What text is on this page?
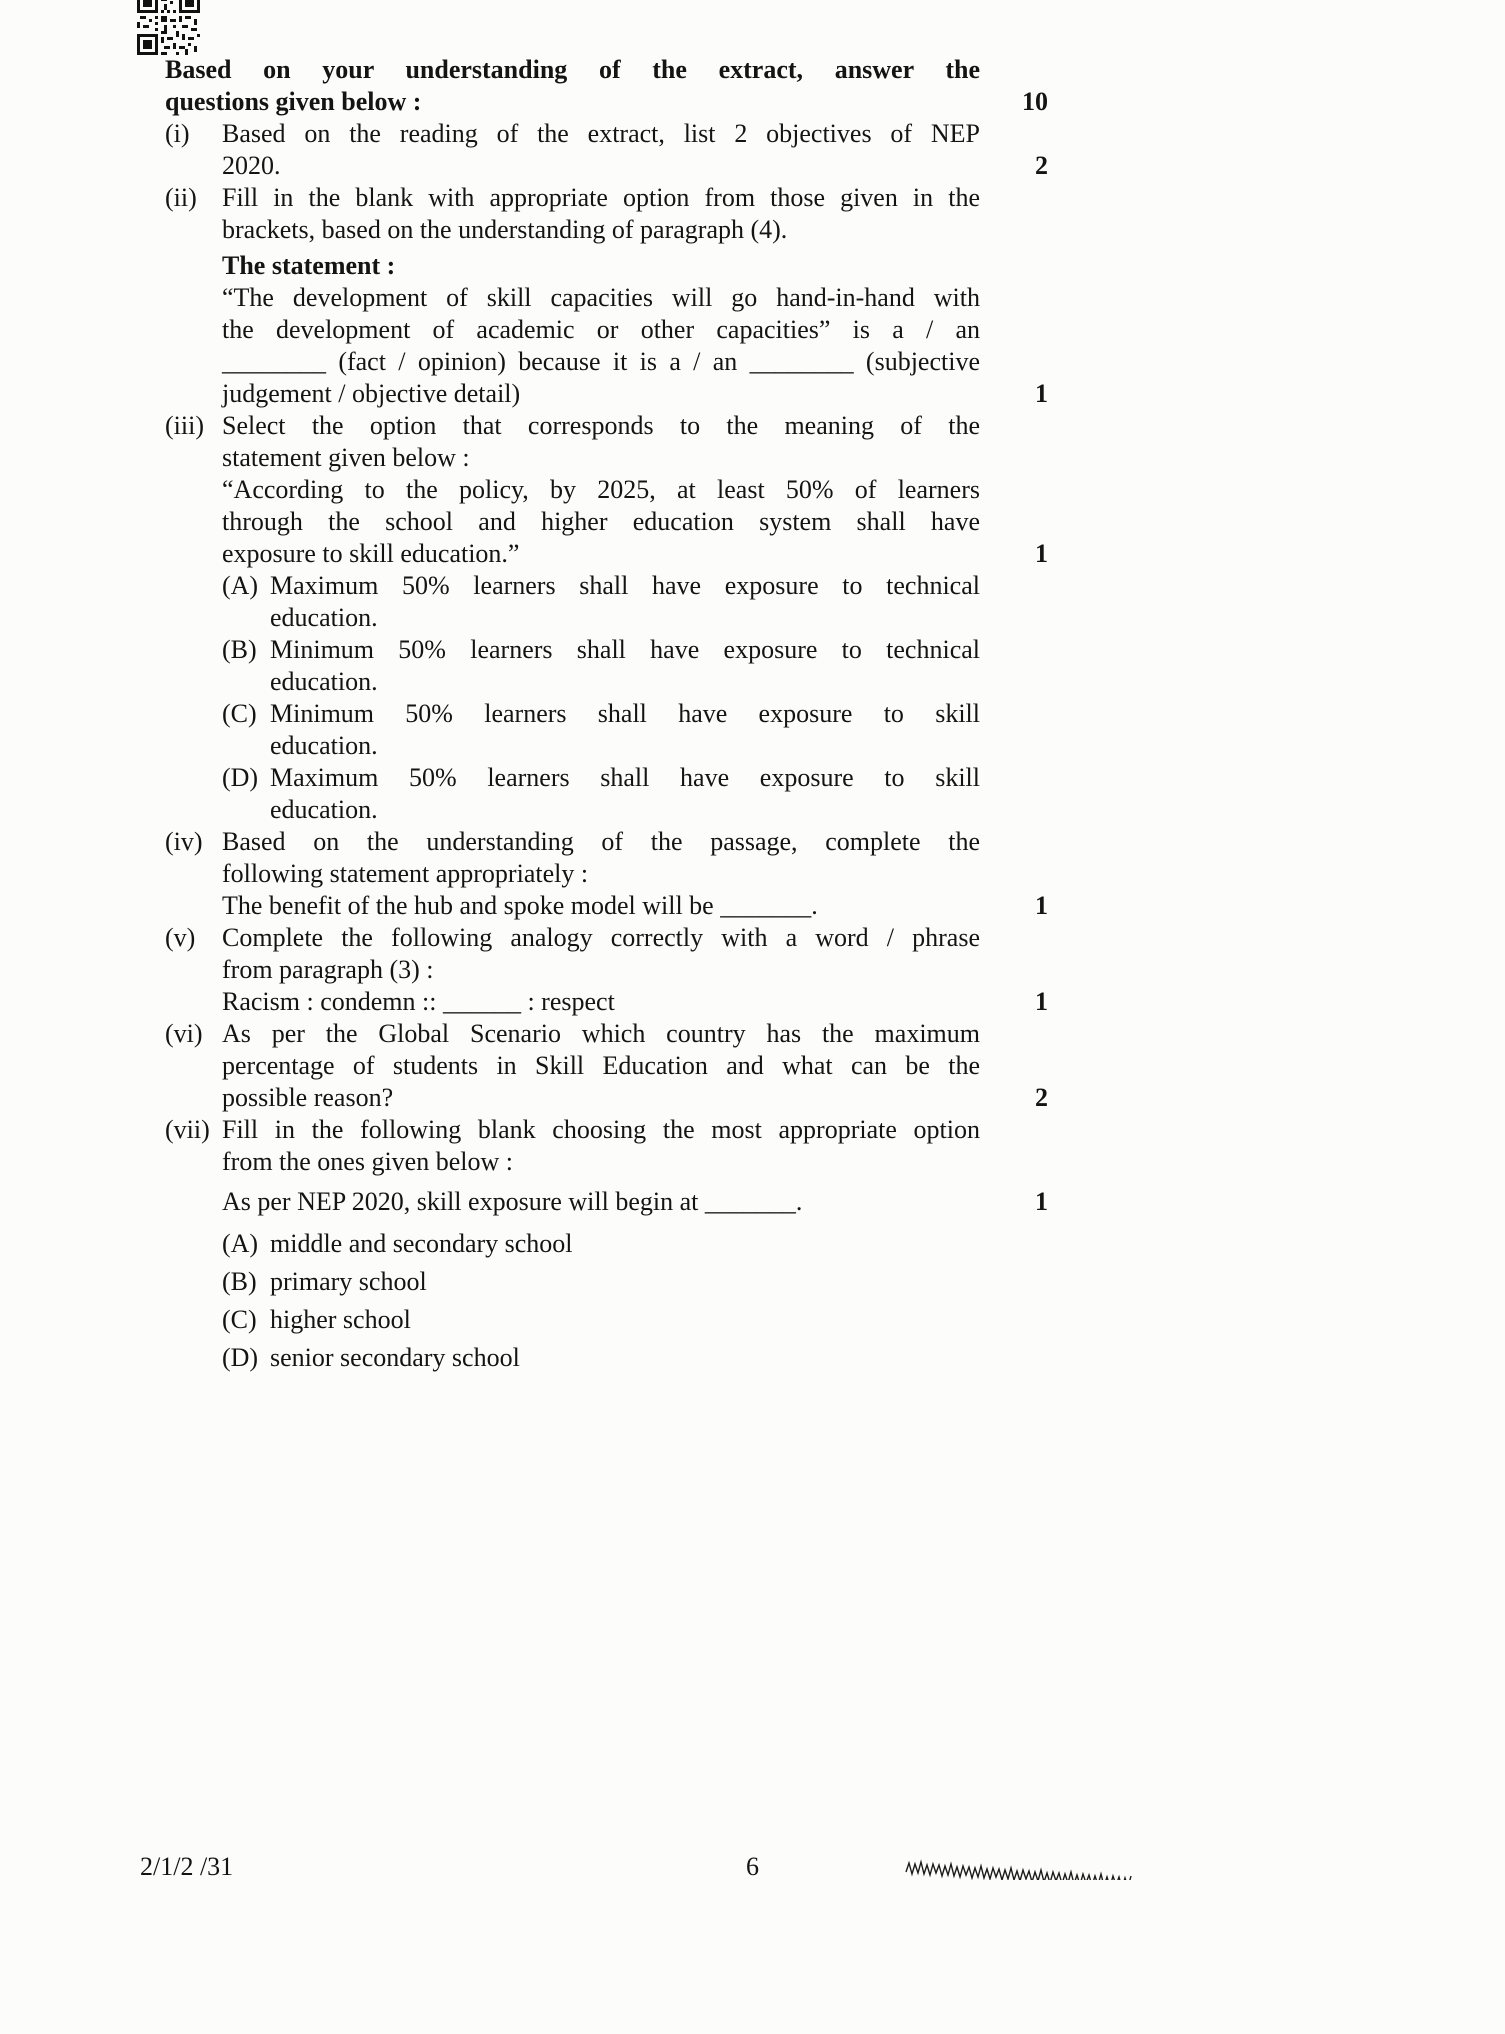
Based on your understanding of the extract, answer the
questions given below :	10
(i)	Based on the reading of the extract, list 2 objectives of NEP
2020.	2
(ii) Fill in the blank with appropriate option from those given in the
brackets, based on the understanding of paragraph (4).
The statement :
“The development of skill capacities will go hand-in-hand with
the development of academic or other capacities” is a / an
________ (fact / opinion) because it is a / an ________ (subjective
judgement / objective detail)	1
(iii) Select the option that corresponds to the meaning of the
statement given below :
“According to the policy, by 2025, at least 50% of learners
through the school and higher education system shall have
exposure to skill education.”	1
(A) Maximum 50% learners shall have exposure to technical
education.
(B) Minimum 50% learners shall have exposure to technical
education.
(C) Minimum 50% learners shall have exposure to skill
education.
(D) Maximum 50% learners shall have exposure to skill
education.
(iv) Based on the understanding of the passage, complete the
following statement appropriately :
The benefit of the hub and spoke model will be _______.	1
(v)	Complete the following analogy correctly with a word / phrase
from paragraph (3) :
Racism : condemn :: ______ : respect	1
(vi) As per the Global Scenario which country has the maximum
percentage of students in Skill Education and what can be the
possible reason?	2
(vii) Fill in the following blank choosing the most appropriate option
from the ones given below :
As per NEP 2020, skill exposure will begin at _______.	1
(A) middle and secondary school
(B) primary school
(C) higher school
(D) senior secondary school
2/1/2 /31	6
